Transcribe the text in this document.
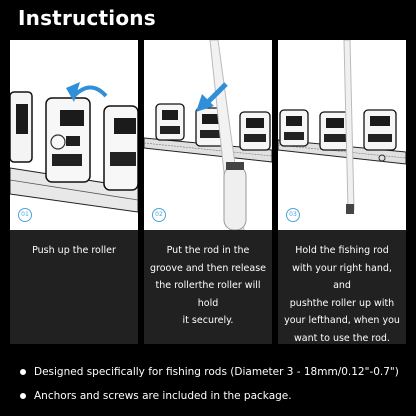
Instructions
01
Push up the roller
02
Put the rod in the
groove and then release
the rollerthe roller will hold
it securely.
03
Hold the fishing rod
with your right hand, and
pushthe roller up with
your lefthand, when you
want to use the rod.
Designed specifically for fishing rods (Diameter 3 - 18mm/0.12"-0.7")
Anchors and screws are included in the package.
